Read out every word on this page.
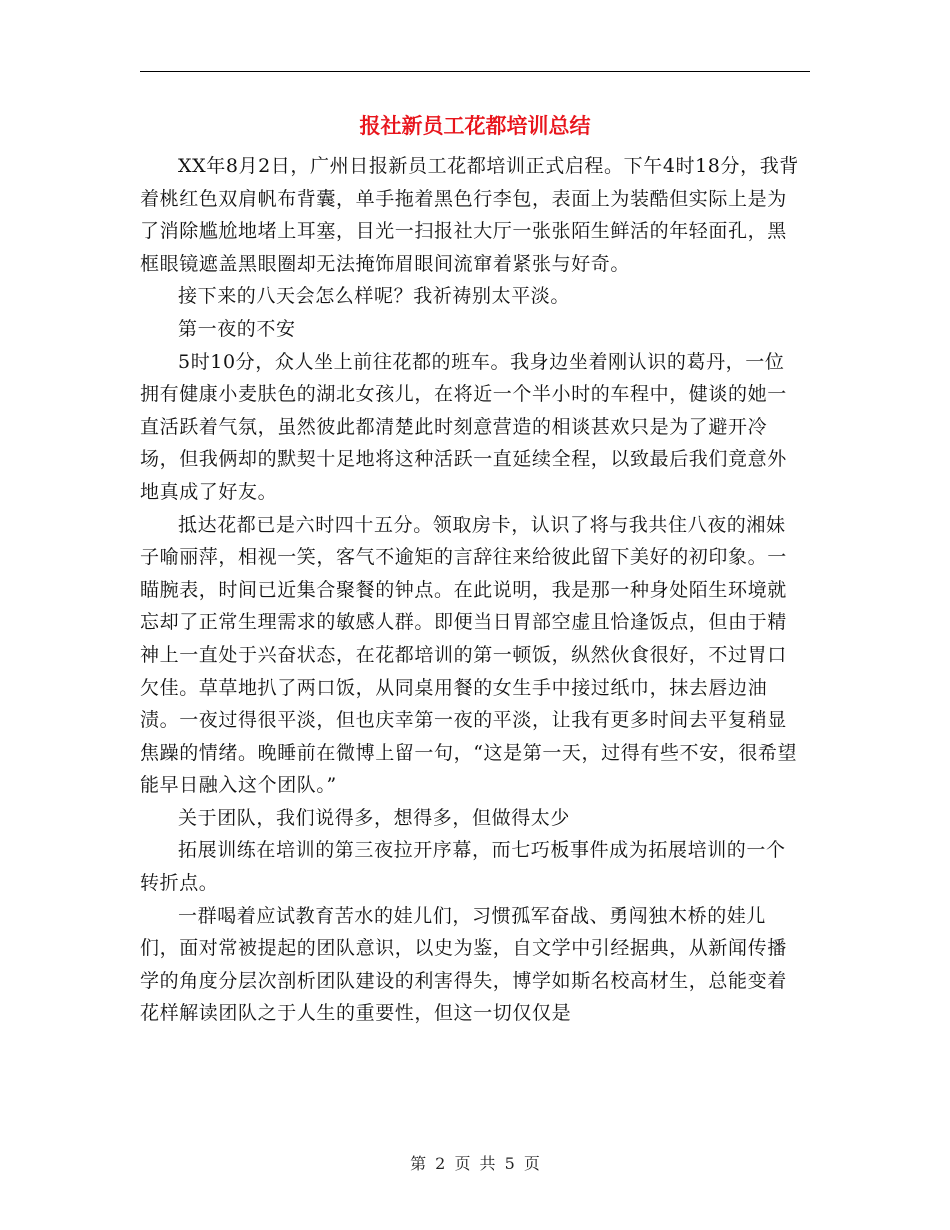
报社新员工花都培训总结

XX年8月2日，广州日报新员工花都培训正式启程。下午4时18分，我背着桃红色双肩帆布背囊，单手拖着黑色行李包，表面上为装酷但实际上是为了消除尴尬地堵上耳塞，目光一扫报社大厅一张张陌生鲜活的年轻面孔，黑框眼镜遮盖黑眼圈却无法掩饰眉眼间流窜着紧张与好奇。

接下来的八天会怎么样呢？我祈祷别太平淡。

第一夜的不安

5时10分，众人坐上前往花都的班车。我身边坐着刚认识的葛丹，一位拥有健康小麦肤色的湖北女孩儿，在将近一个半小时的车程中，健谈的她一直活跃着气氛，虽然彼此都清楚此时刻意营造的相谈甚欢只是为了避开冷场，但我俩却的默契十足地将这种活跃一直延续全程，以致最后我们竟意外地真成了好友。

抵达花都已是六时四十五分。领取房卡，认识了将与我共住八夜的湘妹子喻丽萍，相视一笑，客气不逾矩的言辞往来给彼此留下美好的初印象。一瞄腕表，时间已近集合聚餐的钟点。在此说明，我是那一种身处陌生环境就忘却了正常生理需求的敏感人群。即便当日胃部空虚且恰逢饭点，但由于精神上一直处于兴奋状态，在花都培训的第一顿饭，纵然伙食很好，不过胃口欠佳。草草地扒了两口饭，从同桌用餐的女生手中接过纸巾，抹去唇边油渍。一夜过得很平淡，但也庆幸第一夜的平淡，让我有更多时间去平复稍显焦躁的情绪。晚睡前在微博上留一句，“这是第一天，过得有些不安，很希望能早日融入这个团队。”

关于团队，我们说得多，想得多，但做得太少

拓展训练在培训的第三夜拉开序幕，而七巧板事件成为拓展培训的一个转折点。

一群喝着应试教育苦水的娃儿们，习惯孤军奋战、勇闯独木桥的娃儿们，面对常被提起的团队意识，以史为鉴，自文学中引经据典，从新闻传播学的角度分层次剖析团队建设的利害得失，博学如斯名校高材生，总能变着花样解读团队之于人生的重要性，但这一切仅仅是

第 2 页 共 5 页
